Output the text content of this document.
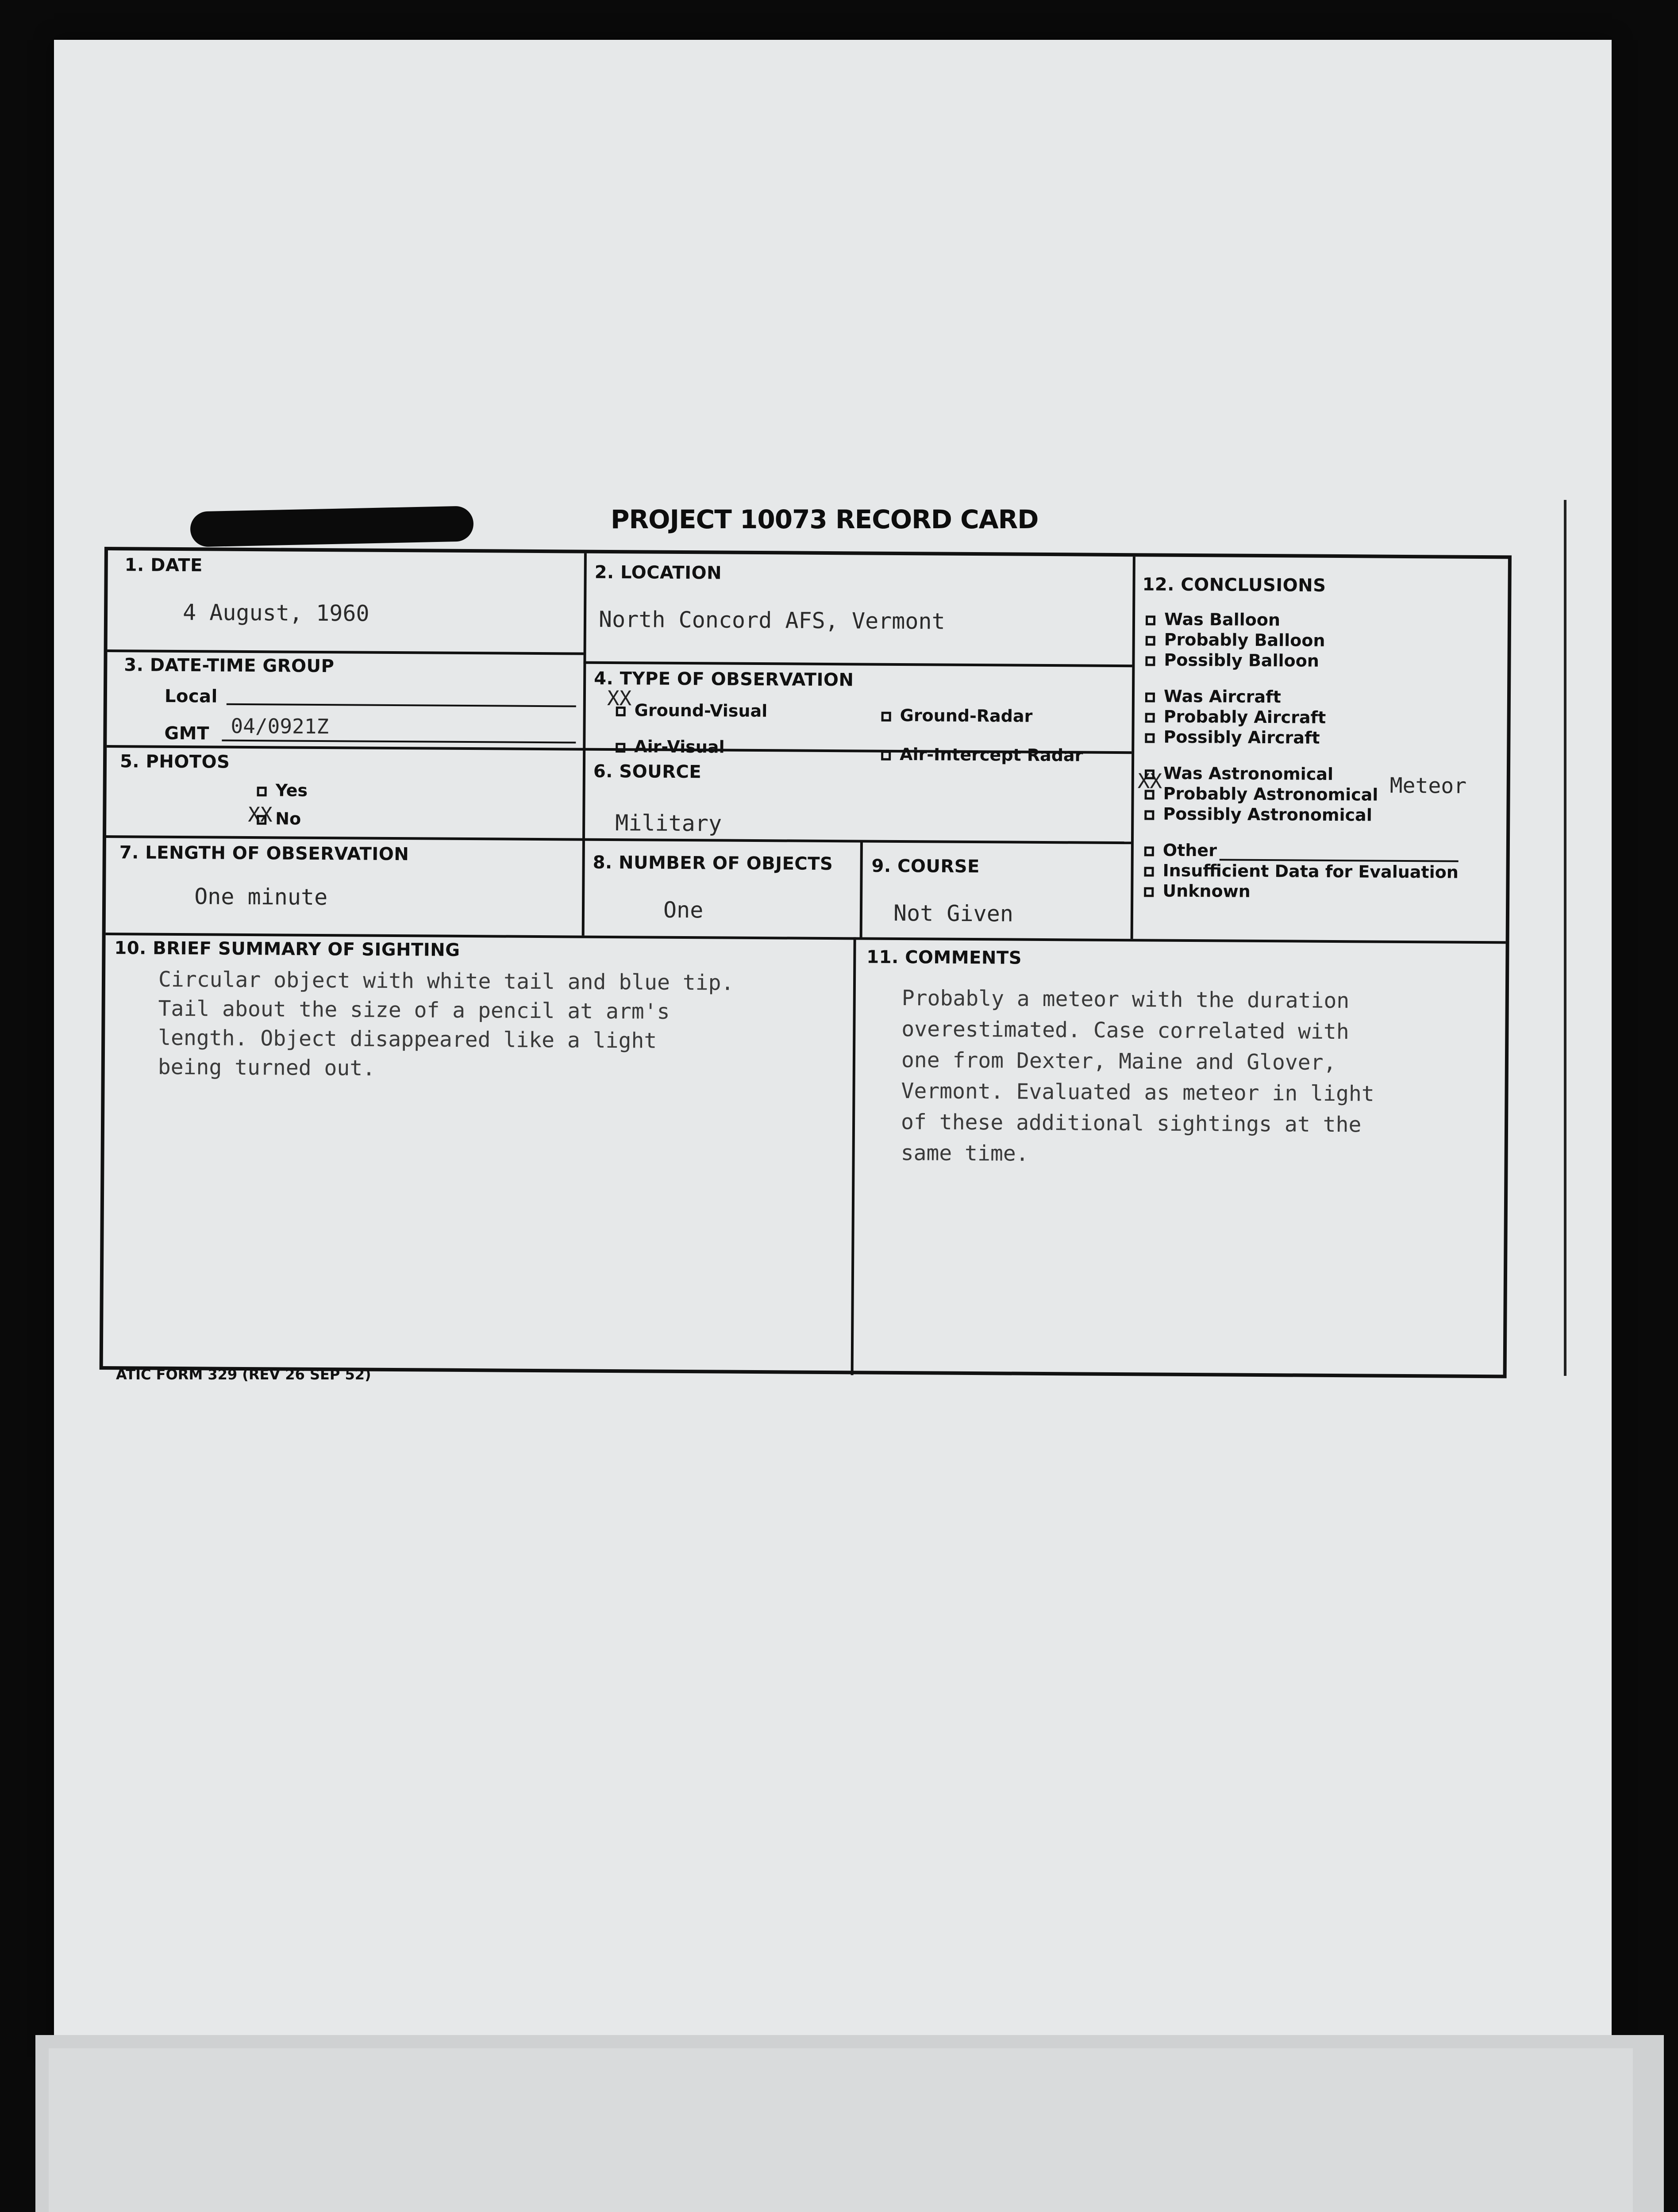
PROJECT 10073 RECORD CARD
1. DATE
4 August, 1960
2. LOCATION
North Concord AFS, Vermont
3. DATE-TIME GROUP
Local
GMT 04/0921Z
4. TYPE OF OBSERVATION
XX
Ground-Visual	Ground-Radar
Air-Visual	Air-Intercept Radar
5. PHOTOS
Yes
XX No
6. SOURCE
Military
7. LENGTH OF OBSERVATION
One minute
8. NUMBER OF OBJECTS
One
9. COURSE
Not Given
10. BRIEF SUMMARY OF SIGHTING
Circular object with white tail and blue tip.
Tail about the size of a pencil at arm's
length. Object disappeared like a light
being turned out.
11. COMMENTS
Probably a meteor with the duration
overestimated. Case correlated with
one from Dexter, Maine and Glover,
Vermont. Evaluated as meteor in light
of these additional sightings at the
same time.
12. CONCLUSIONS
XX	Meteor
Was Balloon
Probably Balloon
Possibly Balloon
Was Aircraft
Probably Aircraft
Possibly Aircraft
Was Astronomical
Probably Astronomical
Possibly Astronomical
Other
Insufficient Data for Evaluation
Unknown
ATIC FORM 329 (REV 26 SEP 52)
